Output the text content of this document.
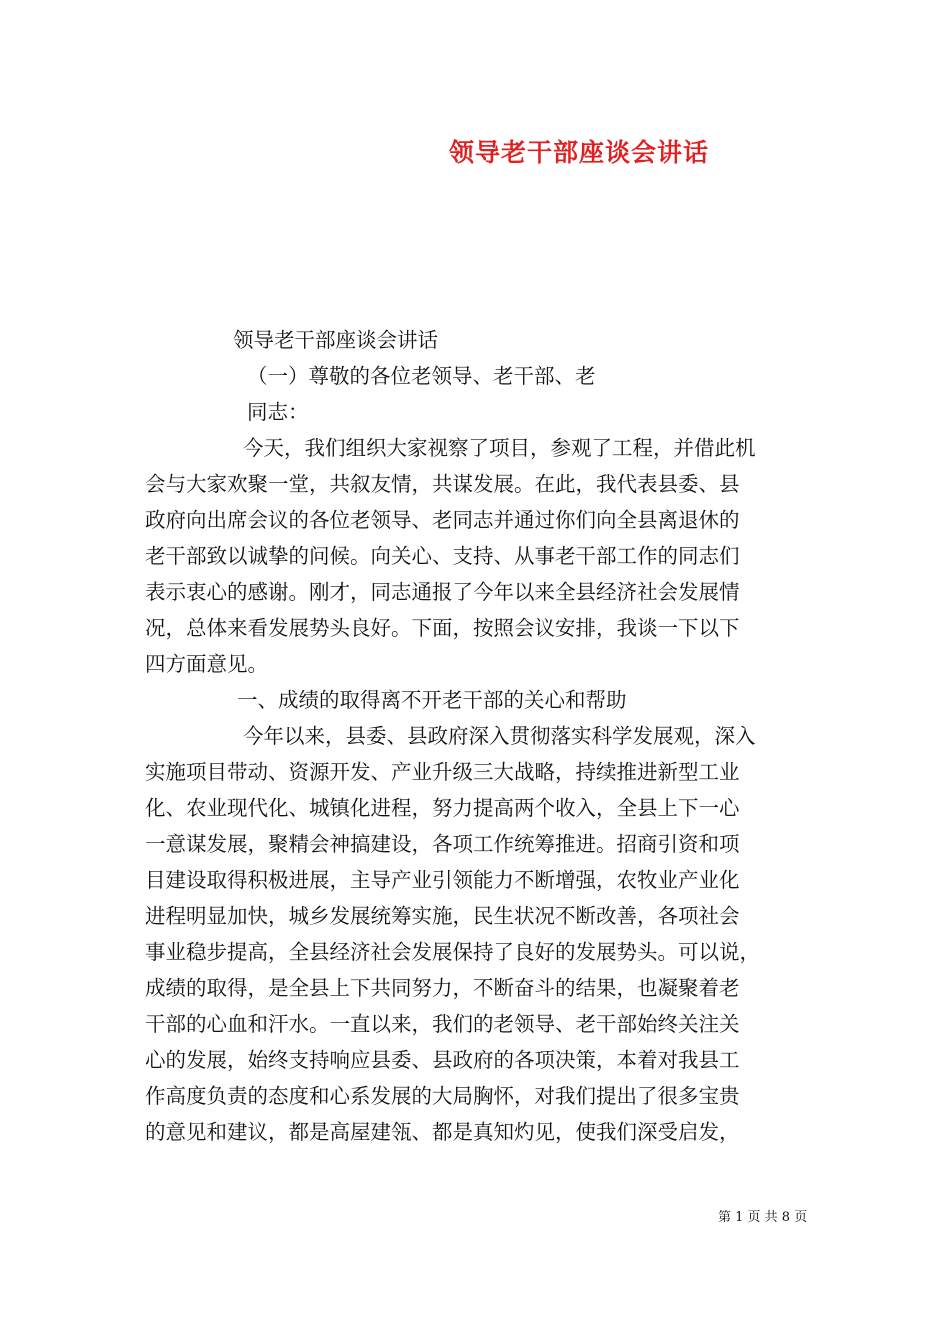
领导老干部座谈会讲话
领导老干部座谈会讲话
（一）尊敬的各位老领导、老干部、老
同志：
今天，我们组织大家视察了项目，参观了工程，并借此机
会与大家欢聚一堂，共叙友情，共谋发展。在此，我代表县委、县
政府向出席会议的各位老领导、老同志并通过你们向全县离退休的
老干部致以诚挚的问候。向关心、支持、从事老干部工作的同志们
表示衷心的感谢。刚才，同志通报了今年以来全县经济社会发展情
况，总体来看发展势头良好。下面，按照会议安排，我谈一下以下
四方面意见。
一、成绩的取得离不开老干部的关心和帮助
今年以来，县委、县政府深入贯彻落实科学发展观，深入
实施项目带动、资源开发、产业升级三大战略，持续推进新型工业
化、农业现代化、城镇化进程，努力提高两个收入，全县上下一心
一意谋发展，聚精会神搞建设，各项工作统筹推进。招商引资和项
目建设取得积极进展，主导产业引领能力不断增强，农牧业产业化
进程明显加快，城乡发展统筹实施，民生状况不断改善，各项社会
事业稳步提高，全县经济社会发展保持了良好的发展势头。可以说，
成绩的取得，是全县上下共同努力，不断奋斗的结果，也凝聚着老
干部的心血和汗水。一直以来，我们的老领导、老干部始终关注关
心的发展，始终支持响应县委、县政府的各项决策，本着对我县工
作高度负责的态度和心系发展的大局胸怀，对我们提出了很多宝贵
的意见和建议，都是高屋建瓴、都是真知灼见，使我们深受启发，
第 1 页 共 8 页
